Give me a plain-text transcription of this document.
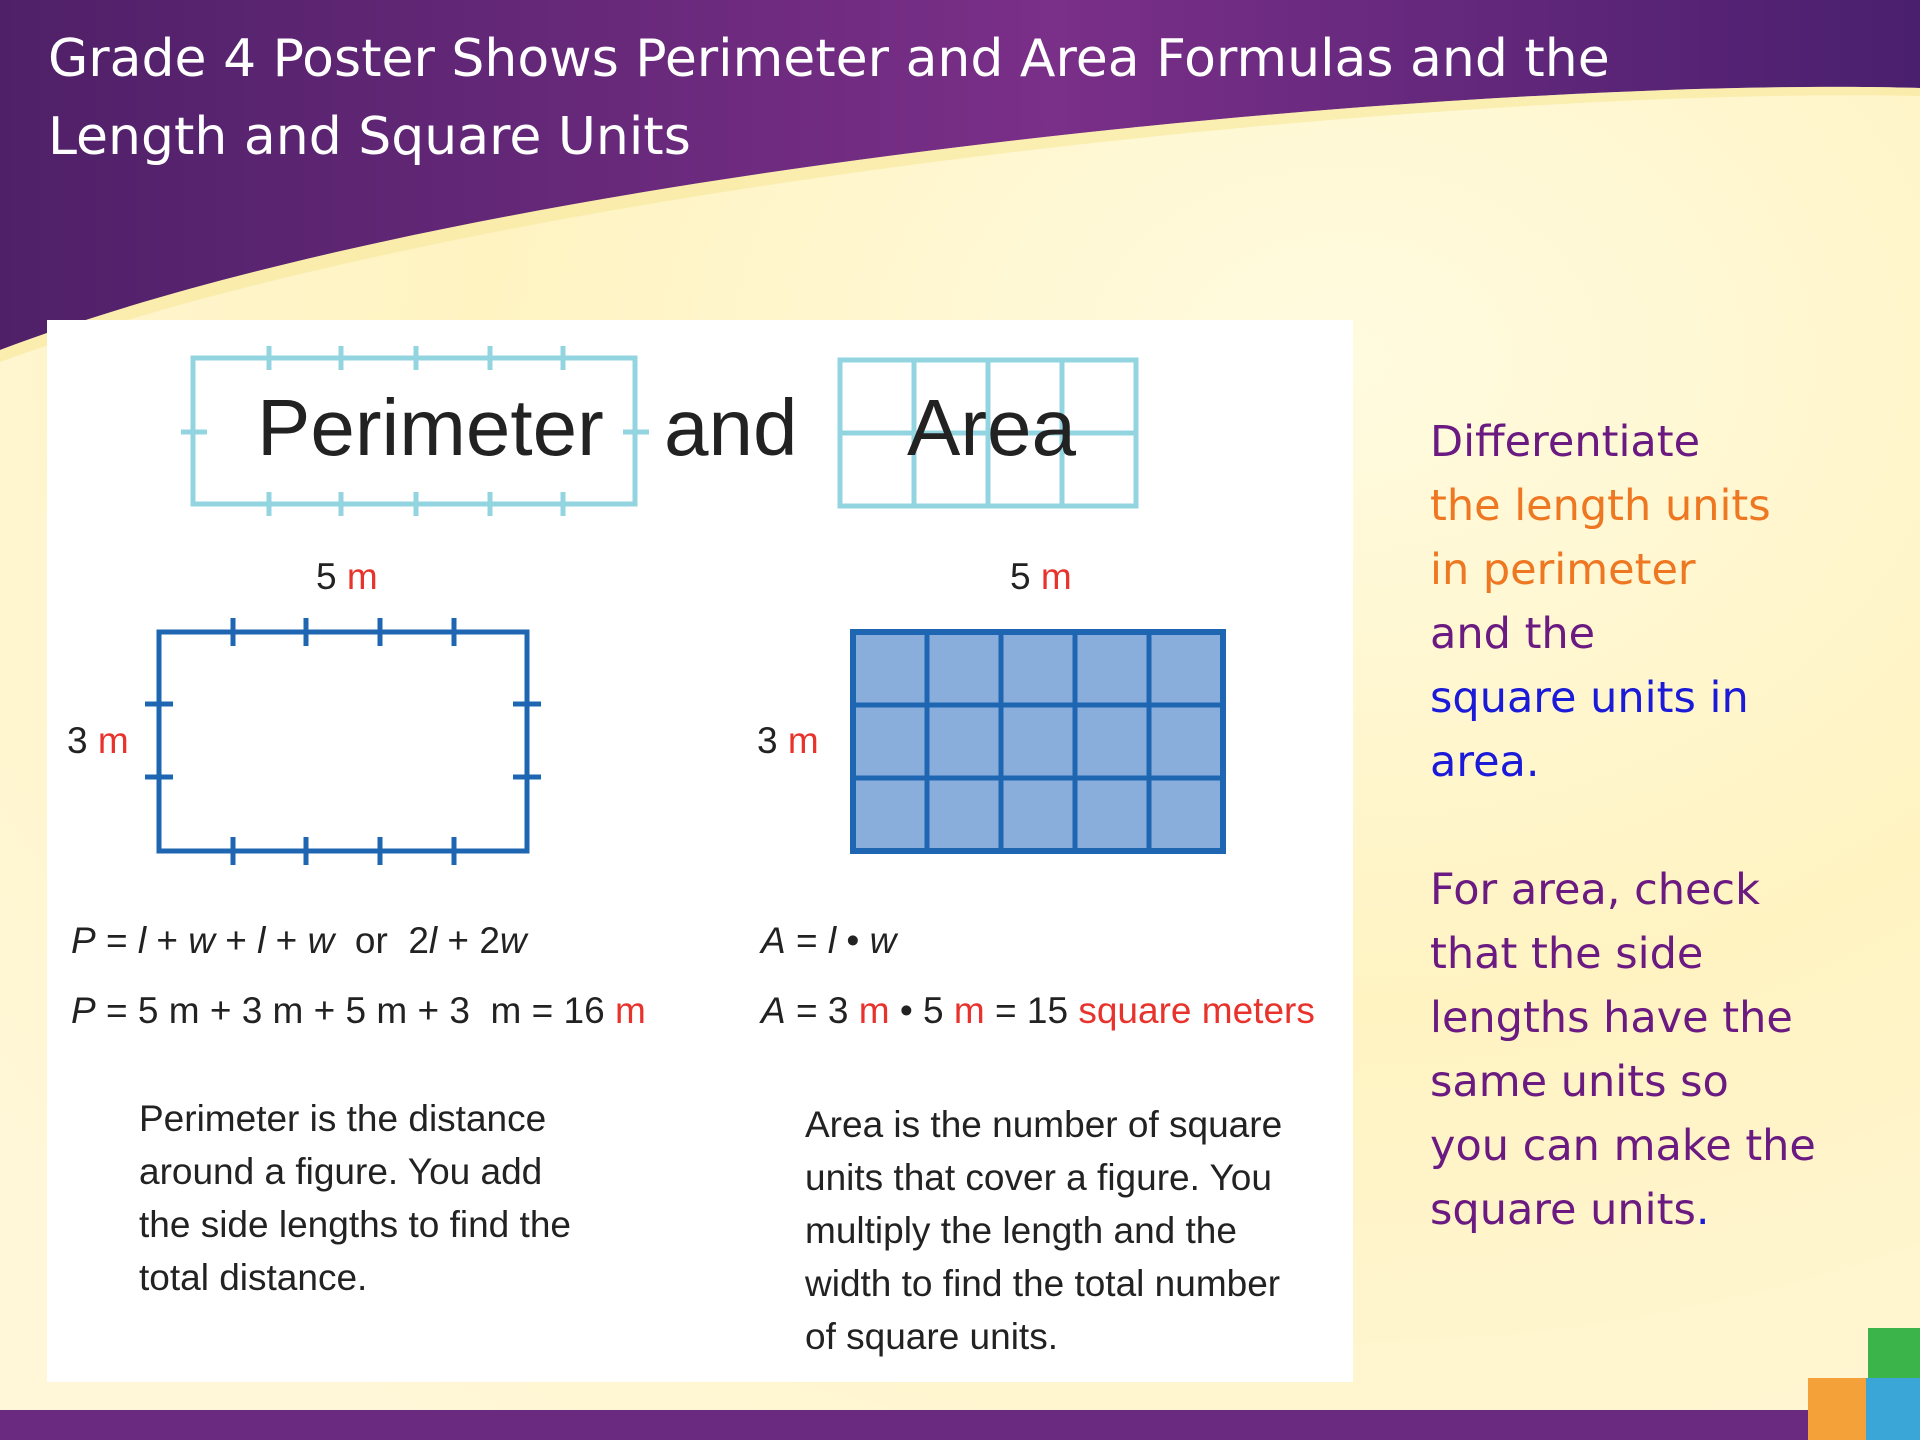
Grade 4 Poster Shows Perimeter and Area Formulas and the
Length and Square Units
Perimeter and Area
5 m
3 m
5 m
3 m
P = l + w + l + w  or  2l + 2w
P = 5 m + 3 m + 5 m + 3  m = 16 m
A = l • w
A = 3 m • 5 m = 15 square meters
Perimeter is the distance
around a figure. You add
the side lengths to find the
total distance.
Area is the number of square
units that cover a figure. You
multiply the length and the
width to find the total number
of square units.
Differentiate
the length units
in perimeter
and the
square units in
area.
For area, check
that the side
lengths have the
same units so
you can make the
square units.
